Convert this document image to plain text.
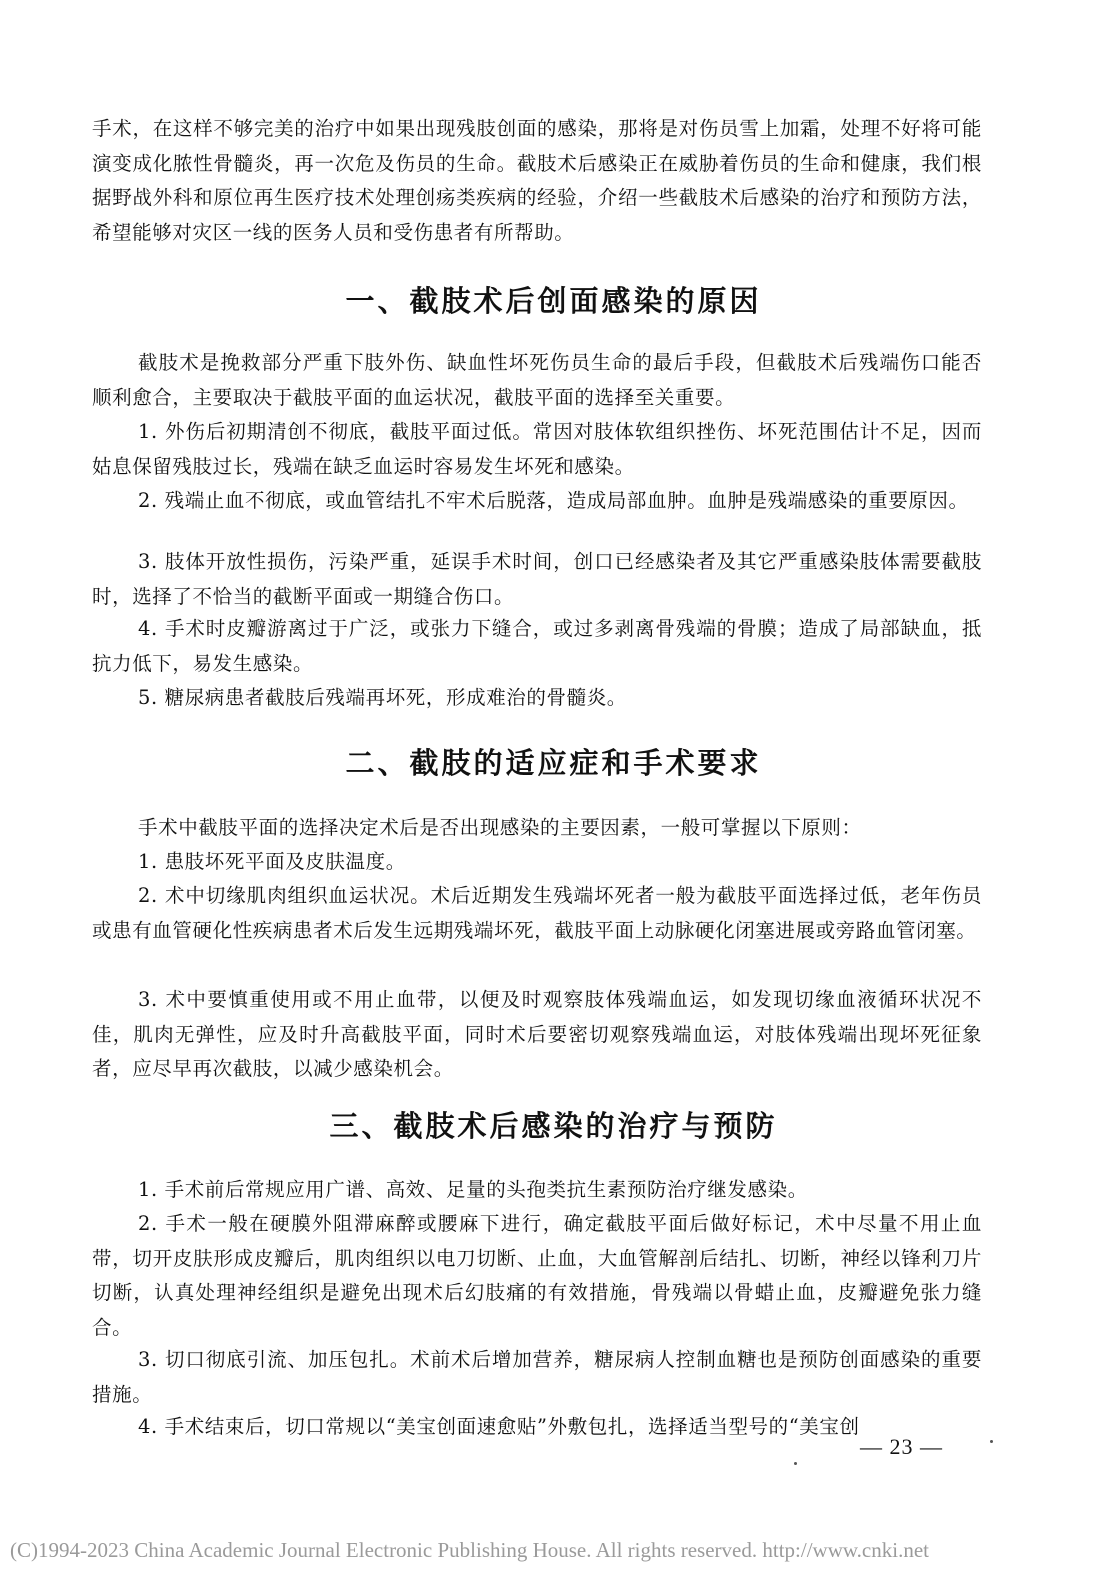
手术，在这样不够完美的治疗中如果出现残肢创面的感染，那将是对伤员雪上加霜，处理不好将可能演变成化脓性骨髓炎，再一次危及伤员的生命。截肢术后感染正在威胁着伤员的生命和健康，我们根据野战外科和原位再生医疗技术处理创疡类疾病的经验，介绍一些截肢术后感染的治疗和预防方法，希望能够对灾区一线的医务人员和受伤患者有所帮助。

一、截肢术后创面感染的原因

截肢术是挽救部分严重下肢外伤、缺血性坏死伤员生命的最后手段，但截肢术后残端伤口能否顺利愈合，主要取决于截肢平面的血运状况，截肢平面的选择至关重要。

1. 外伤后初期清创不彻底，截肢平面过低。常因对肢体软组织挫伤、坏死范围估计不足，因而姑息保留残肢过长，残端在缺乏血运时容易发生坏死和感染。

2. 残端止血不彻底，或血管结扎不牢术后脱落，造成局部血肿。血肿是残端感染的重要原因。

3. 肢体开放性损伤，污染严重，延误手术时间，创口已经感染者及其它严重感染肢体需要截肢时，选择了不恰当的截断平面或一期缝合伤口。

4. 手术时皮瓣游离过于广泛，或张力下缝合，或过多剥离骨残端的骨膜；造成了局部缺血，抵抗力低下，易发生感染。

5. 糖尿病患者截肢后残端再坏死，形成难治的骨髓炎。

二、截肢的适应症和手术要求

手术中截肢平面的选择决定术后是否出现感染的主要因素，一般可掌握以下原则：

1. 患肢坏死平面及皮肤温度。

2. 术中切缘肌肉组织血运状况。术后近期发生残端坏死者一般为截肢平面选择过低，老年伤员或患有血管硬化性疾病患者术后发生远期残端坏死，截肢平面上动脉硬化闭塞进展或旁路血管闭塞。

3. 术中要慎重使用或不用止血带，以便及时观察肢体残端血运，如发现切缘血液循环状况不佳，肌肉无弹性，应及时升高截肢平面，同时术后要密切观察残端血运，对肢体残端出现坏死征象者，应尽早再次截肢，以减少感染机会。

三、截肢术后感染的治疗与预防

1. 手术前后常规应用广谱、高效、足量的头孢类抗生素预防治疗继发感染。

2. 手术一般在硬膜外阻滞麻醉或腰麻下进行，确定截肢平面后做好标记，术中尽量不用止血带，切开皮肤形成皮瓣后，肌肉组织以电刀切断、止血，大血管解剖后结扎、切断，神经以锋利刀片切断，认真处理神经组织是避免出现术后幻肢痛的有效措施，骨残端以骨蜡止血，皮瓣避免张力缝合。

3. 切口彻底引流、加压包扎。术前术后增加营养，糖尿病人控制血糖也是预防创面感染的重要措施。

4. 手术结束后，切口常规以“美宝创面速愈贴”外敷包扎，选择适当型号的“美宝创

— 23 —
(C)1994-2023 China Academic Journal Electronic Publishing House. All rights reserved. http://www.cnki.net
